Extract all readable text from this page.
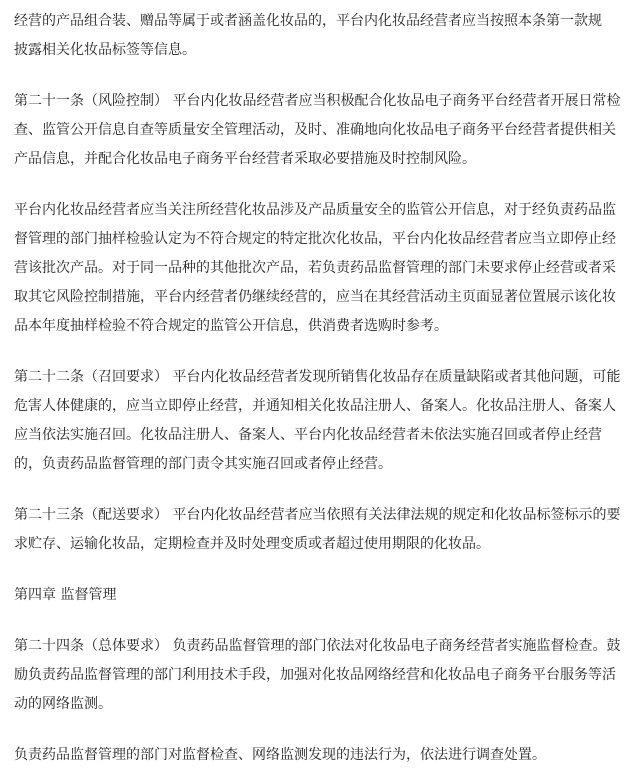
经营的产品组合装、赠品等属于或者涵盖化妆品的，平台内化妆品经营者应当按照本条第一款规
披露相关化妆品标签等信息。

第二十一条（风险控制） 平台内化妆品经营者应当积极配合化妆品电子商务平台经营者开展日常检
查、监管公开信息自查等质量安全管理活动，及时、准确地向化妆品电子商务平台经营者提供相关
产品信息，并配合化妆品电子商务平台经营者采取必要措施及时控制风险。

平台内化妆品经营者应当关注所经营化妆品涉及产品质量安全的监管公开信息，对于经负责药品监
督管理的部门抽样检验认定为不符合规定的特定批次化妆品，平台内化妆品经营者应当立即停止经
营该批次产品。对于同一品种的其他批次产品，若负责药品监督管理的部门未要求停止经营或者采
取其它风险控制措施，平台内经营者仍继续经营的，应当在其经营活动主页面显著位置展示该化妆
品本年度抽样检验不符合规定的监管公开信息，供消费者选购时参考。

第二十二条（召回要求） 平台内化妆品经营者发现所销售化妆品存在质量缺陷或者其他问题，可能
危害人体健康的，应当立即停止经营，并通知相关化妆品注册人、备案人。化妆品注册人、备案人
应当依法实施召回。化妆品注册人、备案人、平台内化妆品经营者未依法实施召回或者停止经营
的，负责药品监督管理的部门责令其实施召回或者停止经营。

第二十三条（配送要求） 平台内化妆品经营者应当依照有关法律法规的规定和化妆品标签标示的要
求贮存、运输化妆品，定期检查并及时处理变质或者超过使用期限的化妆品。

第四章 监督管理

第二十四条（总体要求） 负责药品监督管理的部门依法对化妆品电子商务经营者实施监督检查。鼓
励负责药品监督管理的部门利用技术手段，加强对化妆品网络经营和化妆品电子商务平台服务等活
动的网络监测。

负责药品监督管理的部门对监督检查、网络监测发现的违法行为，依法进行调查处置。
